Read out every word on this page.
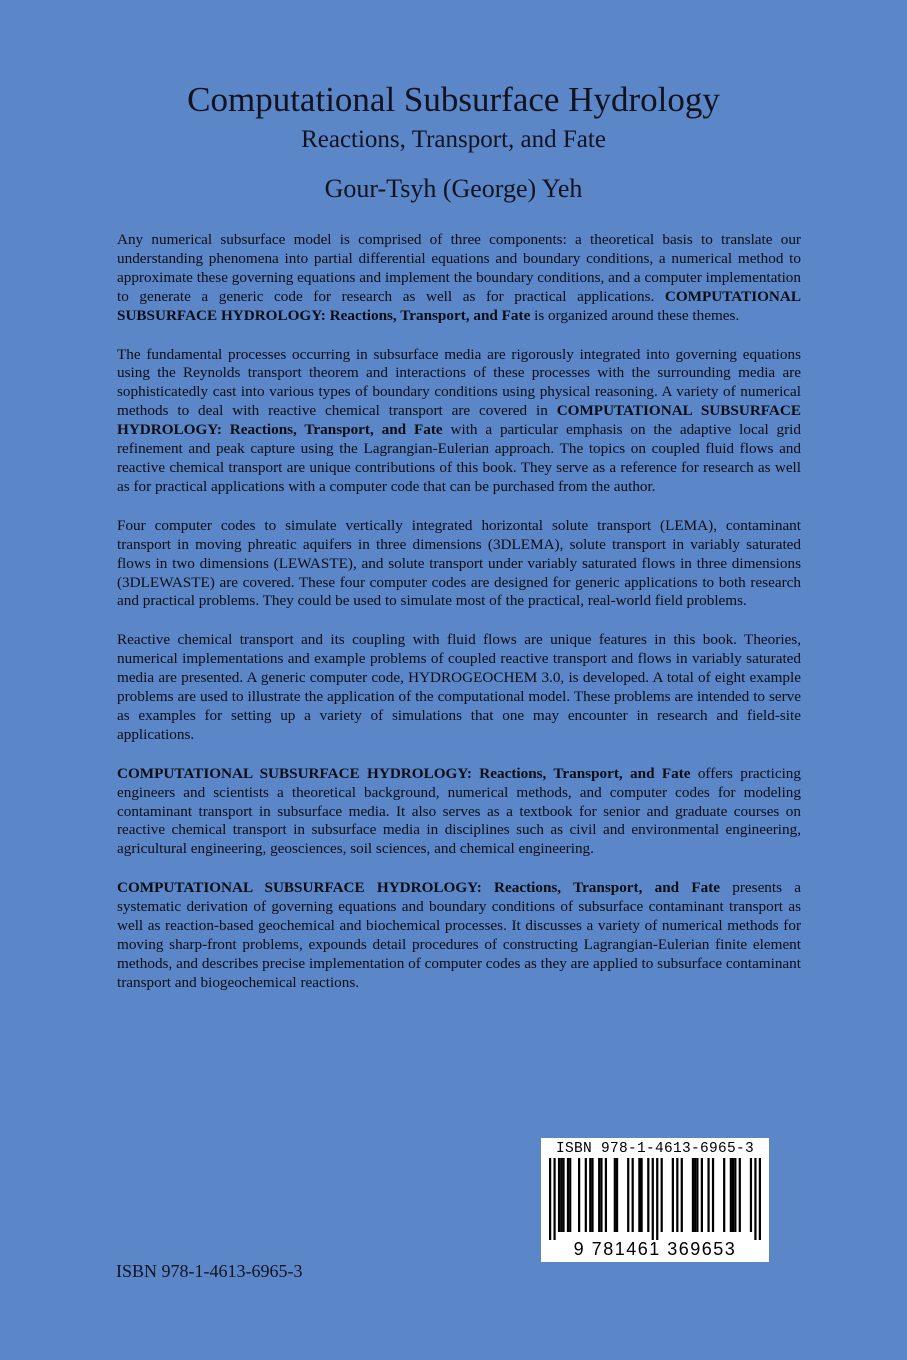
Computational Subsurface Hydrology
Reactions, Transport, and Fate
Gour-Tsyh (George) Yeh

Any numerical subsurface model is comprised of three components: a theoretical basis to translate our understanding phenomena into partial differential equations and boundary conditions, a numerical method to approximate these governing equations and implement the boundary conditions, and a computer implementation to generate a generic code for research as well as for practical applications. COMPUTATIONAL SUBSURFACE HYDROLOGY: Reactions, Transport, and Fate is organized around these themes.

The fundamental processes occurring in subsurface media are rigorously integrated into governing equations using the Reynolds transport theorem and interactions of these processes with the surrounding media are sophisticatedly cast into various types of boundary conditions using physical reasoning. A variety of numerical methods to deal with reactive chemical transport are covered in COMPUTATIONAL SUBSURFACE HYDROLOGY: Reactions, Transport, and Fate with a particular emphasis on the adaptive local grid refinement and peak capture using the Lagrangian-Eulerian approach. The topics on coupled fluid flows and reactive chemical transport are unique contributions of this book. They serve as a reference for research as well as for practical applications with a computer code that can be purchased from the author.

Four computer codes to simulate vertically integrated horizontal solute transport (LEMA), contaminant transport in moving phreatic aquifers in three dimensions (3DLEMA), solute transport in variably saturated flows in two dimensions (LEWASTE), and solute transport under variably saturated flows in three dimensions (3DLEWASTE) are covered. These four computer codes are designed for generic applications to both research and practical problems. They could be used to simulate most of the practical, real-world field problems.

Reactive chemical transport and its coupling with fluid flows are unique features in this book. Theories, numerical implementations and example problems of coupled reactive transport and flows in variably saturated media are presented. A generic computer code, HYDROGEOCHEM 3.0, is developed. A total of eight example problems are used to illustrate the application of the computational model. These problems are intended to serve as examples for setting up a variety of simulations that one may encounter in research and field-site applications.

COMPUTATIONAL SUBSURFACE HYDROLOGY: Reactions, Transport, and Fate offers practicing engineers and scientists a theoretical background, numerical methods, and computer codes for modeling contaminant transport in subsurface media. It also serves as a textbook for senior and graduate courses on reactive chemical transport in subsurface media in disciplines such as civil and environmental engineering, agricultural engineering, geosciences, soil sciences, and chemical engineering.

COMPUTATIONAL SUBSURFACE HYDROLOGY: Reactions, Transport, and Fate presents a systematic derivation of governing equations and boundary conditions of subsurface contaminant transport as well as reaction-based geochemical and biochemical processes. It discusses a variety of numerical methods for moving sharp-front problems, expounds detail procedures of constructing Lagrangian-Eulerian finite element methods, and describes precise implementation of computer codes as they are applied to subsurface contaminant transport and biogeochemical reactions.

ISBN 978-1-4613-6965-3
9 781461 369653
ISBN 978-1-4613-6965-3
